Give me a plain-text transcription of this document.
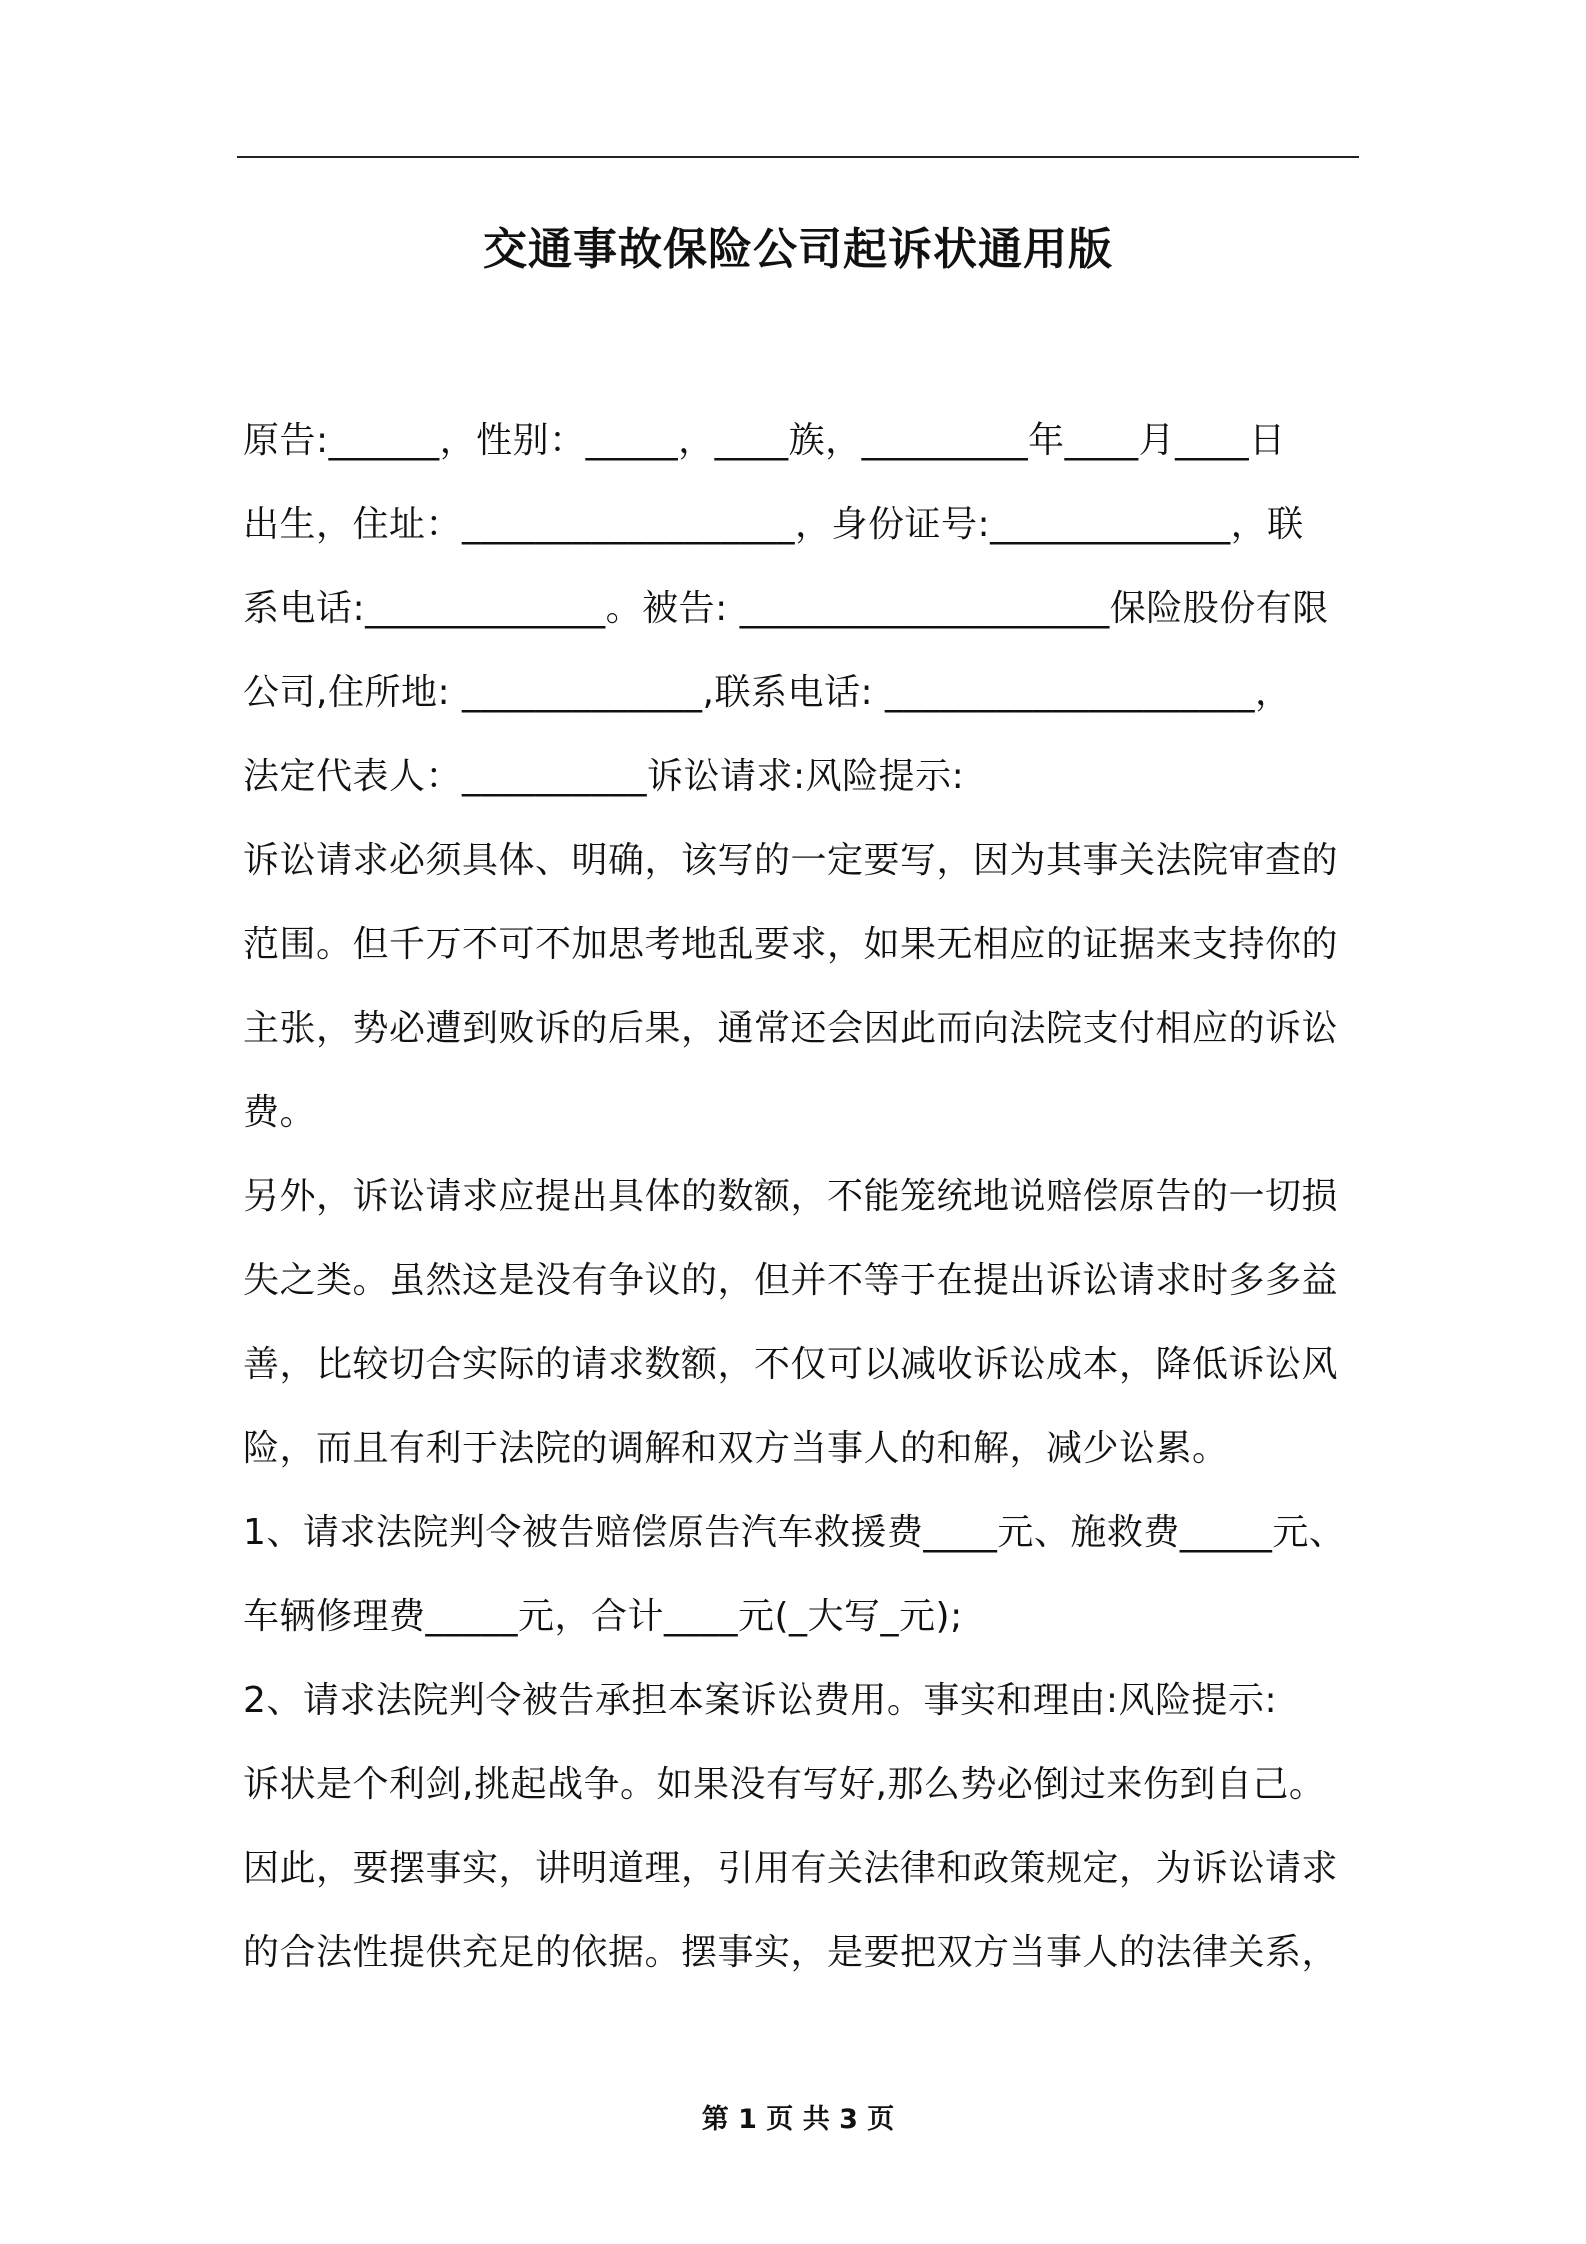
交通事故保险公司起诉状通用版
原告:______，性别：_____，____族，_________年____月____日
出生，住址：__________________，身份证号:_____________，联
系电话:_____________。被告: ____________________保险股份有限
公司,住所地: _____________,联系电话: ____________________，
法定代表人：__________诉讼请求:风险提示:
诉讼请求必须具体、明确，该写的一定要写，因为其事关法院审查的
范围。但千万不可不加思考地乱要求，如果无相应的证据来支持你的
主张，势必遭到败诉的后果，通常还会因此而向法院支付相应的诉讼
费。
另外，诉讼请求应提出具体的数额，不能笼统地说赔偿原告的一切损
失之类。虽然这是没有争议的，但并不等于在提出诉讼请求时多多益
善，比较切合实际的请求数额，不仅可以减收诉讼成本，降低诉讼风
险，而且有利于法院的调解和双方当事人的和解，减少讼累。
1、请求法院判令被告赔偿原告汽车救援费____元、施救费_____元、
车辆修理费_____元，合计____元(_大写_元);
2、请求法院判令被告承担本案诉讼费用。事实和理由:风险提示:
诉状是个利剑,挑起战争。如果没有写好,那么势必倒过来伤到自己。
因此，要摆事实，讲明道理，引用有关法律和政策规定，为诉讼请求
的合法性提供充足的依据。摆事实，是要把双方当事人的法律关系，
第 1 页 共 3 页
